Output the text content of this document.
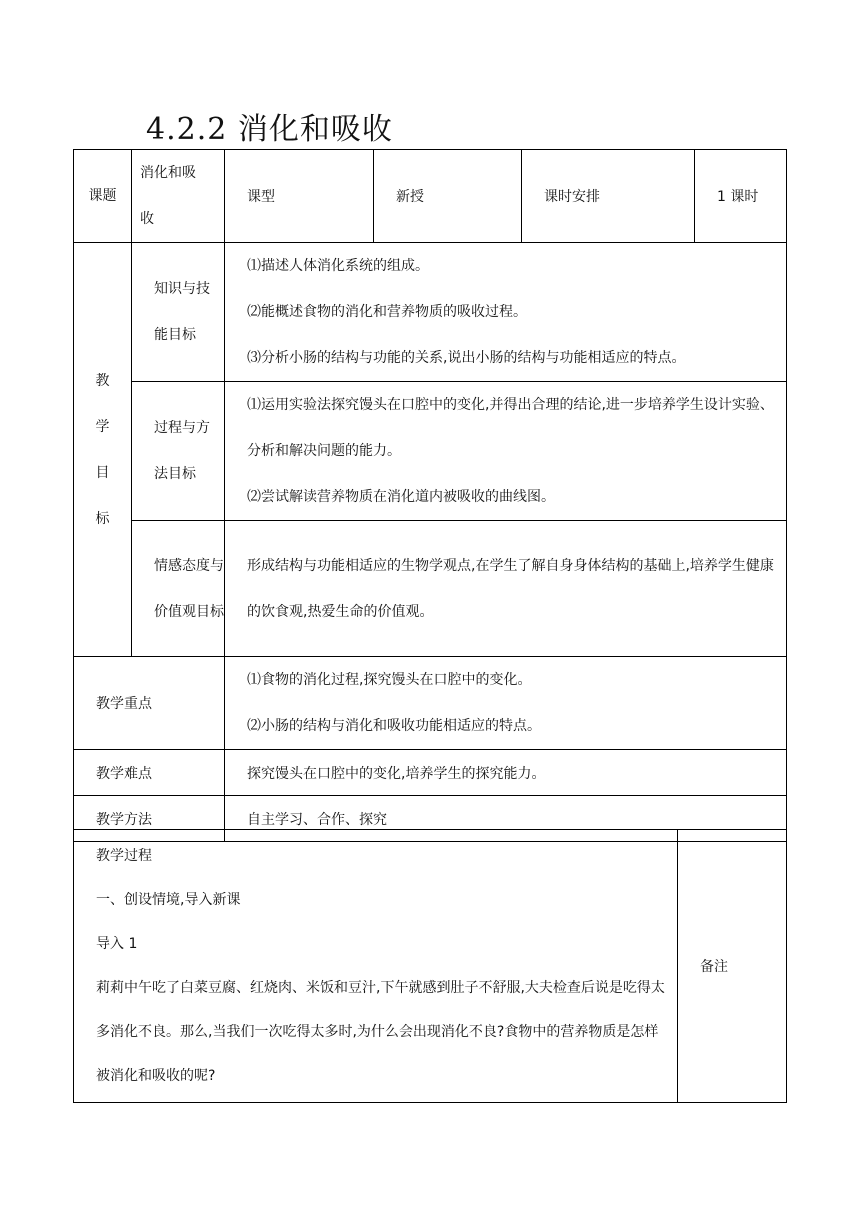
4.2.2 消化和吸收
课题	消化和吸收	课型	新授	课时安排	1 课时

教学目标	知识与技能目标	⑴描述人体消化系统的组成。
⑵能概述食物的消化和营养物质的吸收过程。
⑶分析小肠的结构与功能的关系,说出小肠的结构与功能相适应的特点。			

	过程与方法目标	⑴运用实验法探究馒头在口腔中的变化,并得出合理的结论,进一步培养学生设计实验、分析和解决问题的能力。
⑵尝试解读营养物质在消化道内被吸收的曲线图。			

	情感态度与价值观目标	形成结构与功能相适应的生物学观点,在学生了解自身身体结构的基础上,培养学生健康的饮食观,热爱生命的价值观。			

教学重点		⑴食物的消化过程,探究馒头在口腔中的变化。
⑵小肠的结构与消化和吸收功能相适应的特点。			

教学难点		探究馒头在口腔中的变化,培养学生的探究能力。			
教学方法		自主学习、合作、探究			
教学过程
一、创设情境,导入新课
导入 1
莉莉中午吃了白菜豆腐、红烧肉、米饭和豆汁,下午就感到肚子不舒服,大夫检查后说是吃得太多消化不良。那么,当我们一次吃得太多时,为什么会出现消化不良?食物中的营养物质是怎样被消化和吸收的呢?
	备注
